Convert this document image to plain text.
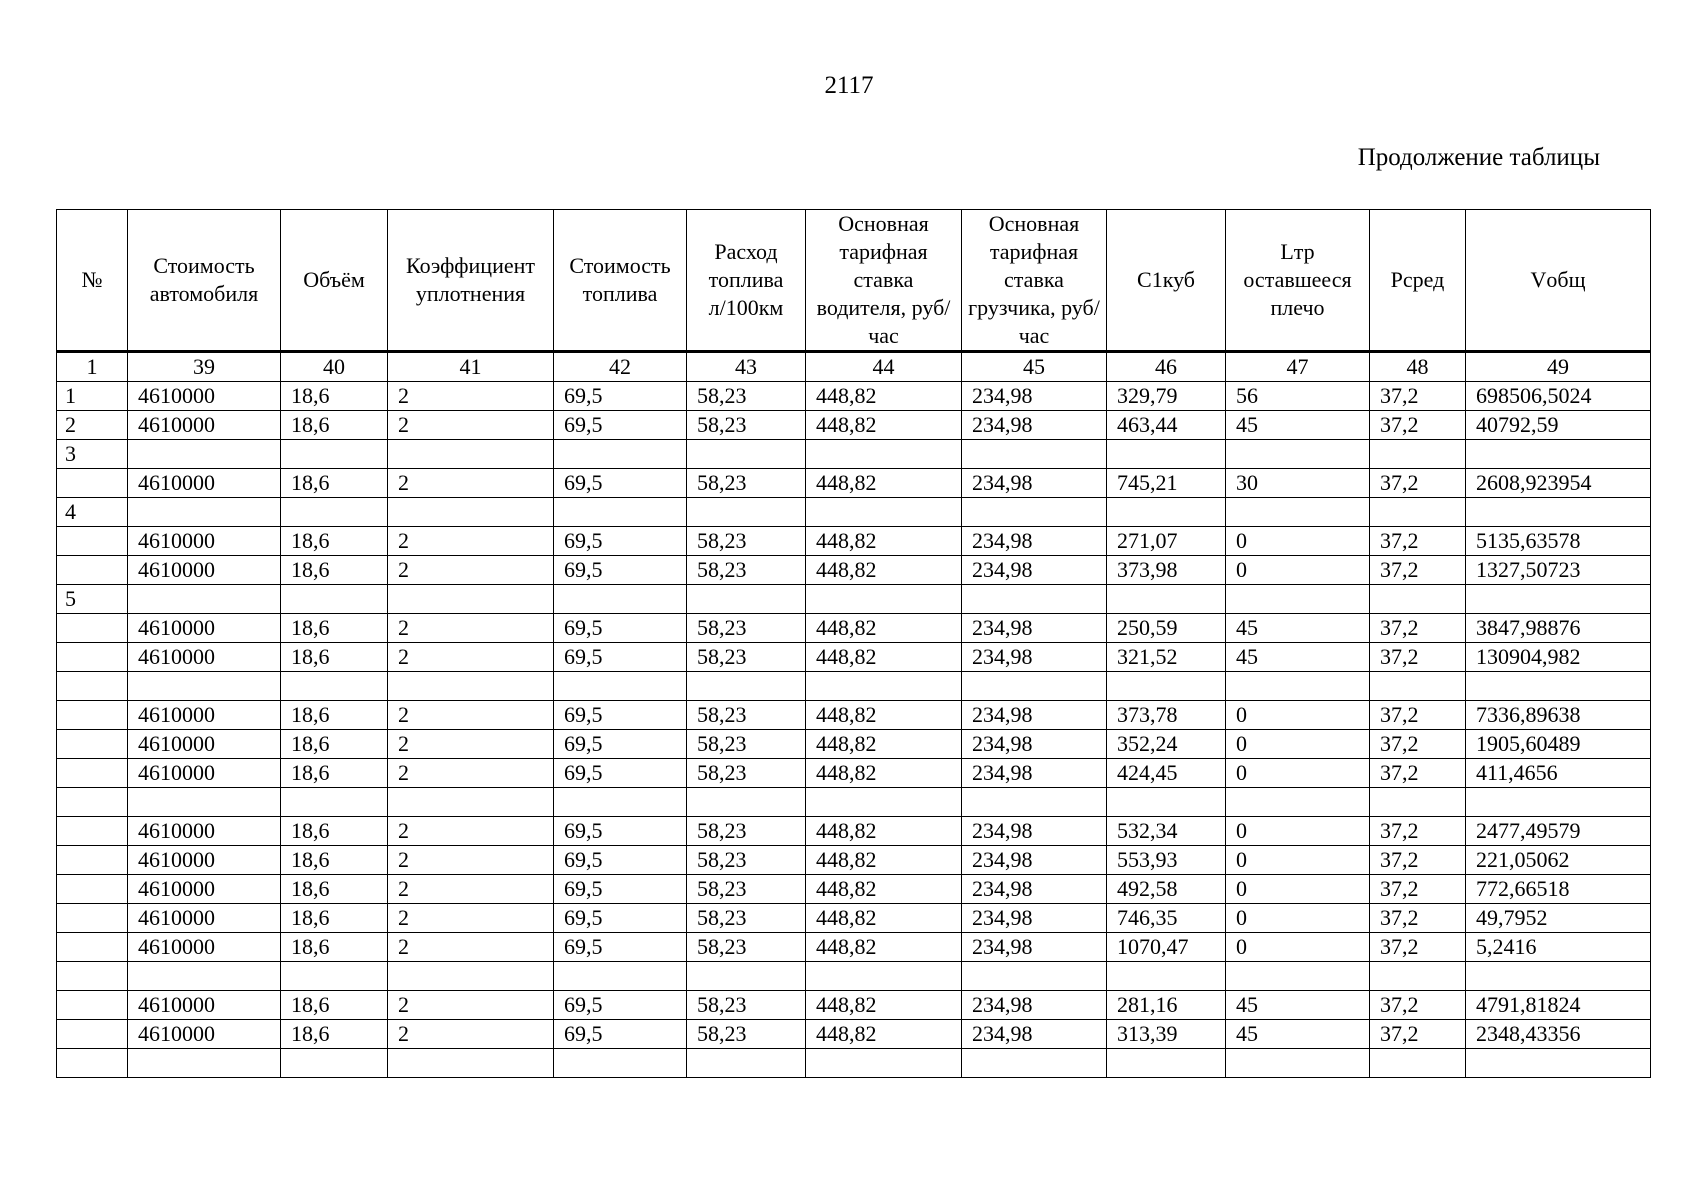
2117
Продолжение таблицы
№	Стоимость автомобиля	Объём	Коэффициент уплотнения	Стоимость топлива	Расход топлива л/100км	Основная тарифная ставка водителя, руб/час	Основная тарифная ставка грузчика, руб/час	С1куб	Lтр оставшееся плечо	Рсред	Vобщ
1	39	40	41	42	43	44	45	46	47	48	49
1	4610000	18,6	2	69,5	58,23	448,82	234,98	329,79	56	37,2	698506,5024
2	4610000	18,6	2	69,5	58,23	448,82	234,98	463,44	45	37,2	40792,59
3											
	4610000	18,6	2	69,5	58,23	448,82	234,98	745,21	30	37,2	2608,923954
4											
	4610000	18,6	2	69,5	58,23	448,82	234,98	271,07	0	37,2	5135,63578
	4610000	18,6	2	69,5	58,23	448,82	234,98	373,98	0	37,2	1327,50723
5											
	4610000	18,6	2	69,5	58,23	448,82	234,98	250,59	45	37,2	3847,98876
	4610000	18,6	2	69,5	58,23	448,82	234,98	321,52	45	37,2	130904,982

	4610000	18,6	2	69,5	58,23	448,82	234,98	373,78	0	37,2	7336,89638
	4610000	18,6	2	69,5	58,23	448,82	234,98	352,24	0	37,2	1905,60489
	4610000	18,6	2	69,5	58,23	448,82	234,98	424,45	0	37,2	411,4656

	4610000	18,6	2	69,5	58,23	448,82	234,98	532,34	0	37,2	2477,49579
	4610000	18,6	2	69,5	58,23	448,82	234,98	553,93	0	37,2	221,05062
	4610000	18,6	2	69,5	58,23	448,82	234,98	492,58	0	37,2	772,66518
	4610000	18,6	2	69,5	58,23	448,82	234,98	746,35	0	37,2	49,7952
	4610000	18,6	2	69,5	58,23	448,82	234,98	1070,47	0	37,2	5,2416

	4610000	18,6	2	69,5	58,23	448,82	234,98	281,16	45	37,2	4791,81824
	4610000	18,6	2	69,5	58,23	448,82	234,98	313,39	45	37,2	2348,43356
